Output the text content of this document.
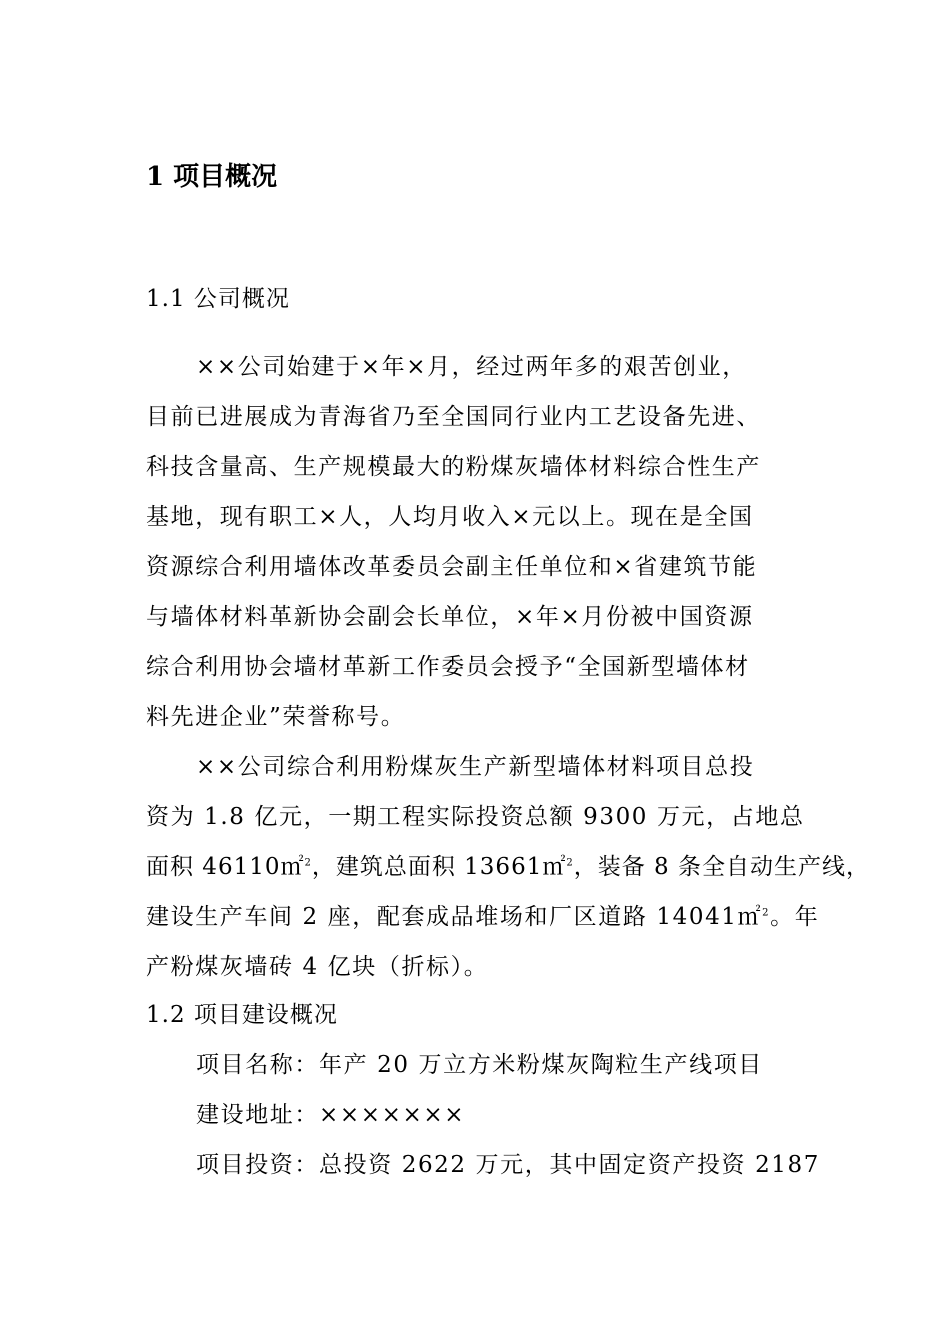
1 项目概况
1.1 公司概况
××公司始建于×年×月，经过两年多的艰苦创业，
目前已进展成为青海省乃至全国同行业内工艺设备先进、
科技含量高、生产规模最大的粉煤灰墙体材料综合性生产
基地，现有职工×人，人均月收入×元以上。现在是全国
资源综合利用墙体改革委员会副主任单位和×省建筑节能
与墙体材料革新协会副会长单位，×年×月份被中国资源
综合利用协会墙材革新工作委员会授予“全国新型墙体材
料先进企业”荣誉称号。
××公司综合利用粉煤灰生产新型墙体材料项目总投
资为 1.8 亿元，一期工程实际投资总额 9300 万元，占地总
面积 46110㎡$^2$，建筑总面积 13661㎡$^2$，装备 8 条全自动生产线，
建设生产车间 2 座，配套成品堆场和厂区道路 14041㎡$^2$。年
产粉煤灰墙砖 4 亿块（折标）。
1.2 项目建设概况
项目名称：年产 20 万立方米粉煤灰陶粒生产线项目
建设地址：×××××××
项目投资：总投资 2622 万元，其中固定资产投资 2187
